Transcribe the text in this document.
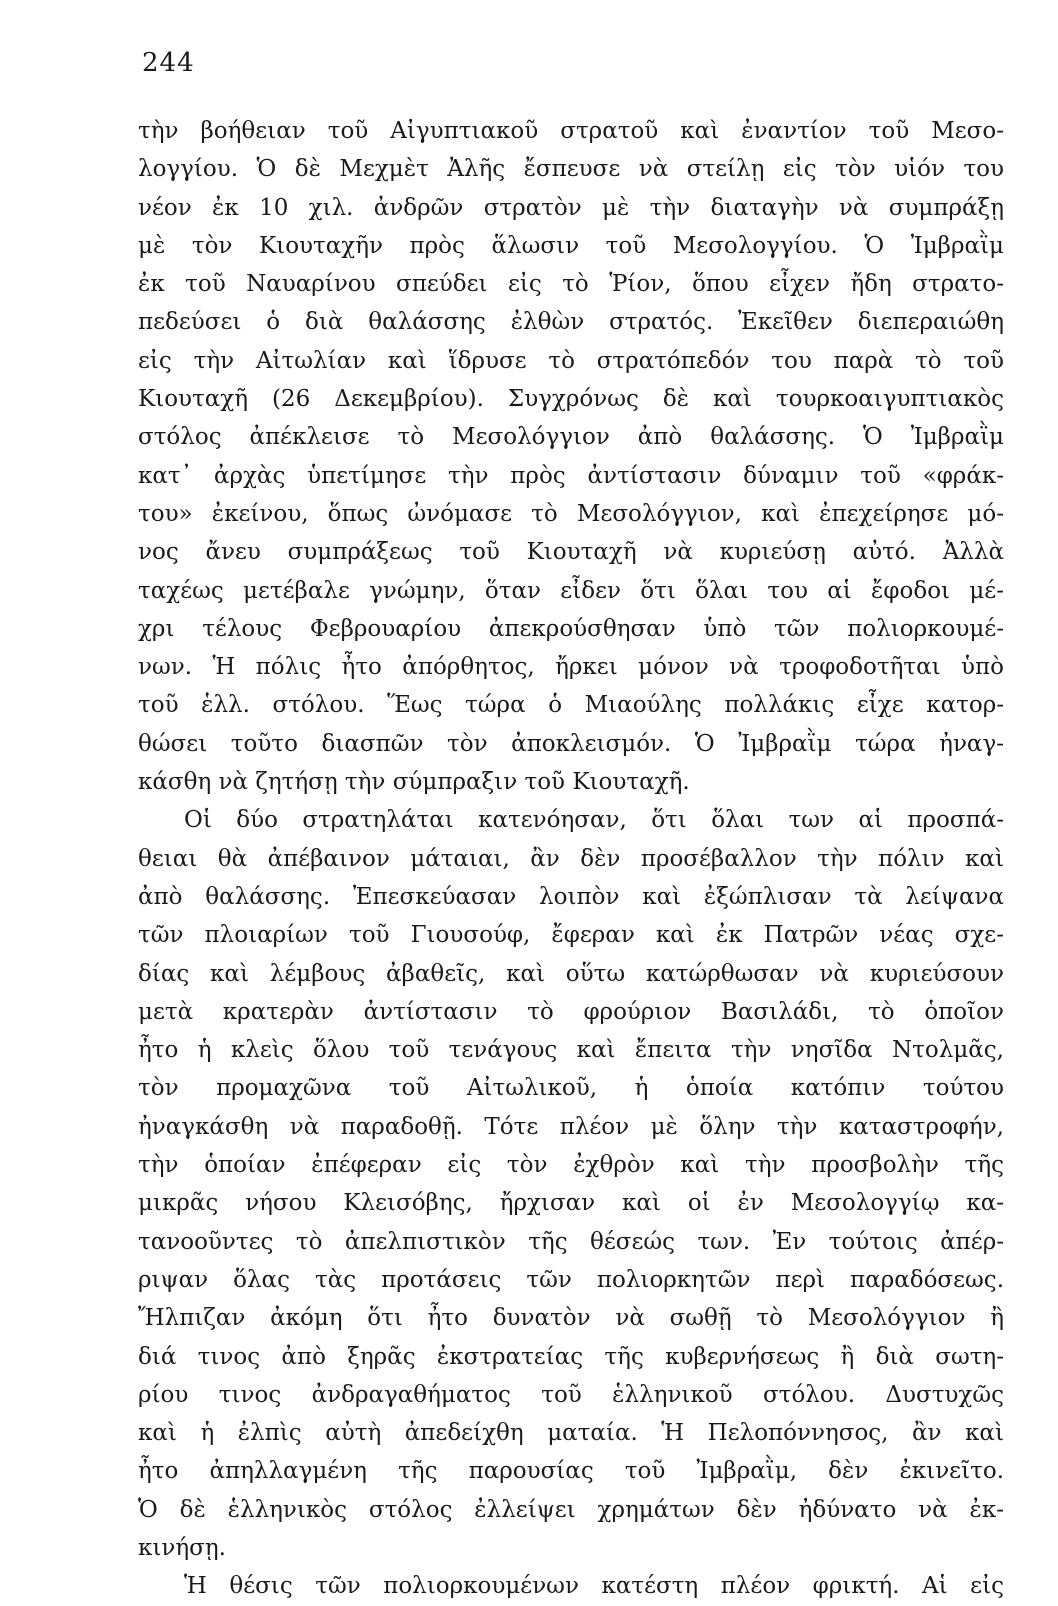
244
τὴν βοήθειαν τοῦ Αἰγυπτιακοῦ στρατοῦ καὶ ἐναντίον τοῦ Μεσο-
λογγίου. Ὁ δὲ Μεχμὲτ Ἀλῆς ἔσπευσε νὰ στείλῃ εἰς τὸν υἱόν του
νέον ἐκ 10 χιλ. ἀνδρῶν στρατὸν μὲ τὴν διαταγὴν νὰ συμπράξῃ
μὲ τὸν Κιουταχῆν πρὸς ἅλωσιν τοῦ Μεσολογγίου. Ὁ Ἰμβραῒμ
ἐκ τοῦ Ναυαρίνου σπεύδει εἰς τὸ Ῥίον, ὅπου εἶχεν ἤδη στρατο-
πεδεύσει ὁ διὰ θαλάσσης ἐλθὼν στρατός. Ἐκεῖθεν διεπεραιώθη
εἰς τὴν Αἰτωλίαν καὶ ἵδρυσε τὸ στρατόπεδόν του παρὰ τὸ τοῦ
Κιουταχῆ (26 Δεκεμβρίου). Συγχρόνως δὲ καὶ τουρκοαιγυπτιακὸς
στόλος ἀπέκλεισε τὸ Μεσολόγγιον ἀπὸ θαλάσσης. Ὁ Ἰμβραῒμ
κατ᾽ ἀρχὰς ὑπετίμησε τὴν πρὸς ἀντίστασιν δύναμιν τοῦ «φράκ-
του» ἐκείνου, ὅπως ὠνόμασε τὸ Μεσολόγγιον, καὶ ἐπεχείρησε μό-
νος ἄνευ συμπράξεως τοῦ Κιουταχῆ νὰ κυριεύσῃ αὐτό. Ἀλλὰ
ταχέως μετέβαλε γνώμην, ὅταν εἶδεν ὅτι ὅλαι του αἱ ἔφοδοι μέ-
χρι τέλους Φεβρουαρίου ἀπεκρούσθησαν ὑπὸ τῶν πολιορκουμέ-
νων. Ἡ πόλις ἦτο ἀπόρθητος, ἤρκει μόνον νὰ τροφοδοτῆται ὑπὸ
τοῦ ἑλλ. στόλου. Ἕως τώρα ὁ Μιαούλης πολλάκις εἶχε κατορ-
θώσει τοῦτο διασπῶν τὸν ἀποκλεισμόν. Ὁ Ἰμβραῒμ τώρα ἠναγ-
κάσθη νὰ ζητήσῃ τὴν σύμπραξιν τοῦ Κιουταχῆ.
Οἱ δύο στρατηλάται κατενόησαν, ὅτι ὅλαι των αἱ προσπά-
θειαι θὰ ἀπέβαινον μάταιαι, ἂν δὲν προσέβαλλον τὴν πόλιν καὶ
ἀπὸ θαλάσσης. Ἐπεσκεύασαν λοιπὸν καὶ ἐξώπλισαν τὰ λείψανα
τῶν πλοιαρίων τοῦ Γιουσούφ, ἔφεραν καὶ ἐκ Πατρῶν νέας σχε-
δίας καὶ λέμβους ἀβαθεῖς, καὶ οὕτω κατώρθωσαν νὰ κυριεύσουν
μετὰ κρατερὰν ἀντίστασιν τὸ φρούριον Βασιλάδι, τὸ ὁποῖον
ἦτο ἡ κλεὶς ὅλου τοῦ τενάγους καὶ ἔπειτα τὴν νησῖδα Ντολμᾶς,
τὸν προμαχῶνα τοῦ Αἰτωλικοῦ, ἡ ὁποία κατόπιν τούτου
ἠναγκάσθη νὰ παραδοθῇ. Τότε πλέον μὲ ὅλην τὴν καταστροφήν,
τὴν ὁποίαν ἐπέφεραν εἰς τὸν ἐχθρὸν καὶ τὴν προσβολὴν τῆς
μικρᾶς νήσου Κλεισόβης, ἤρχισαν καὶ οἱ ἐν Μεσολογγίῳ κα-
τανοοῦντες τὸ ἀπελπιστικὸν τῆς θέσεώς των. Ἐν τούτοις ἀπέρ-
ριψαν ὅλας τὰς προτάσεις τῶν πολιορκητῶν περὶ παραδόσεως.
Ἤλπιζαν ἀκόμη ὅτι ἦτο δυνατὸν νὰ σωθῇ τὸ Μεσολόγγιον ἢ
διά τινος ἀπὸ ξηρᾶς ἐκστρατείας τῆς κυβερνήσεως ἢ διὰ σωτη-
ρίου τινος ἀνδραγαθήματος τοῦ ἑλληνικοῦ στόλου. Δυστυχῶς
καὶ ἡ ἐλπὶς αὐτὴ ἀπεδείχθη ματαία. Ἡ Πελοπόννησος, ἂν καὶ
ἦτο ἀπηλλαγμένη τῆς παρουσίας τοῦ Ἰμβραῒμ, δὲν ἐκινεῖτο.
Ὁ δὲ ἑλληνικὸς στόλος ἐλλείψει χρημάτων δὲν ἠδύνατο νὰ ἐκ-
κινήσῃ.
Ἡ θέσις τῶν πολιορκουμένων κατέστη πλέον φρικτή. Αἱ εἰς
